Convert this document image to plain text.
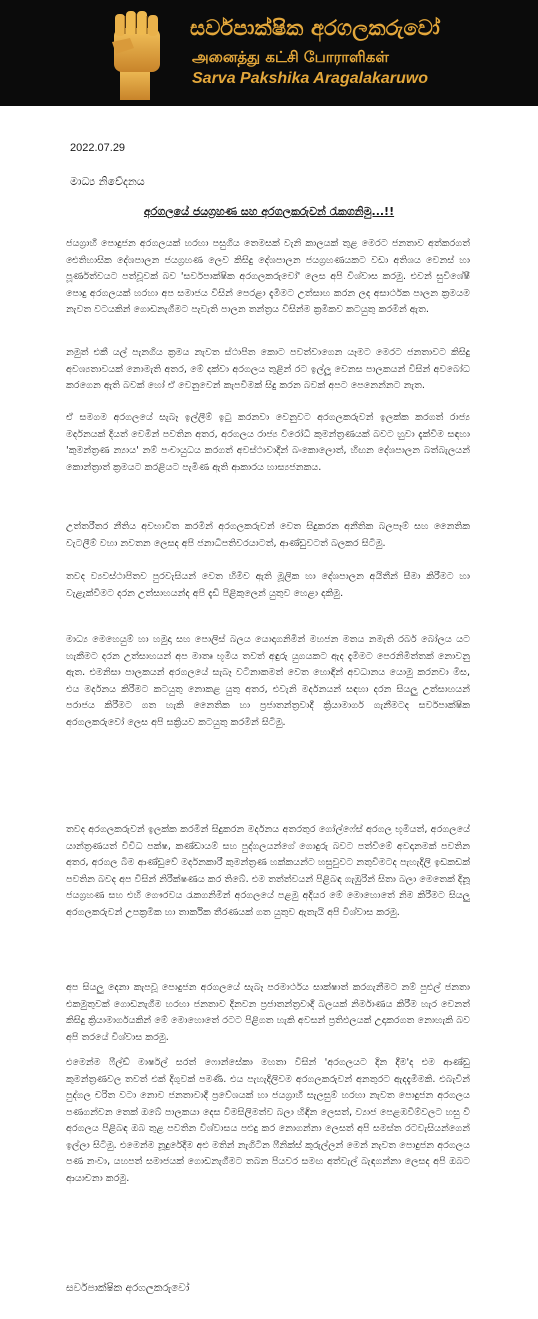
සර්වපාක්ෂික අරගලකරුවෝ
அனைத்து கட்சி போராளிகள்
Sarva Pakshika Aragalakaruwo
2022.07.29
මාධ්‍ය නිවේදනය
අරගලයේ ජයග්‍රහණ සහ අරගලකරුවන් රැකගනිමු...!!

ජයග්‍රාහී පොදුජන අරගලයක් හරහා පසුගිය තෙමසක් වැනි කාලයක් තුළ මෙරට ජනතාව අත්කරගත් ඓතිහාසික දේශපාලන ජයග්‍රහණ ලෙව කිසිදු දේශපාලන ජයග්‍රහණයකට වඩා අතිශය වෙනස් හා පූර්ණත්වයට පත්වූවක් බව 'සර්වපාක්ෂික අරගලකරුවෝ' ලෙස අපි විශ්වාස කරමු. එවන් සුවිශේෂී පොදු අරගලයක් හරහා අප සමාජය විසින් පෙරළා දැමීමට උත්සාහ කරන ලද අසාර්ථක පාලන ක්‍රමයම නැවත වටයකින් ගොඩනැගීමට පැවැති පාලන තන්ත්‍රය විසින්ම ක්‍රමිකව කටයුතු කරමින් ඇත.

නමුත් එකී යල් පැනගිය ක්‍රමය නැවත ස්ථාපිත කොට පවත්වාගෙන යෑමට මෙරට ජනතාවට කිසිදු අවශ්‍යතාවයක් නොමැති අතර, මේ දක්වා අරගලය තුළින් රට ඉල්ලූ වෙනස පාලකයන් විසින් අවබෝධ කරගෙන ඇති බවක් හෝ ඒ වෙනුවෙන් කැපවීමක් සිදු කරන බවක් අපට පෙනෙන්නට නැත.

ඒ සමගම අරගලයේ සැබෑ ඉල්ලීම් ඉටු කරනවා වෙනුවට අරගලකරුවන් ඉලක්ක කරගත් රාජ්‍ය මර්දනයක් දියත් වෙමින් පවතින අතර, අරගලය රාජ්‍ය විරෝධී කුමන්ත්‍රණයක් බවට හුවා දැක්වීම සඳහා 'කුමන්ත්‍රණ න්‍යාය' නම් පංචායුධය කරගත් අවස්ථාවාදීන් බංකොලොත්, හිඟන දේශපාලන බත්බැලයන් කොන්ත්‍රාත් ක්‍රමයට කරළියට පැමිණ ඇති ආකාරය හාස්‍යජනකය.

උත්තරීතර නීතිය අවභාවිත කරමින් අරගලකරුවන් වෙත සිදුකරන අනීතික බලපෑම් සහ නෛතික වැටලීම් වහා නවතන ලෙසද අපි ජනාධිපතිවරයාටත්, ආණ්ඩුවටත් බලකර සිටිමු.

තවද ව්‍යවස්ථාපිතව පුරවැසියන් වෙත හිමිව ඇති මූලික හා දේශපාලන අයිතීන් සීමා කිරීමට හා වැළැක්වීමට දරන උත්සාහයන්ද අපි දැඩි පිළිකුලෙන් යුතුව හෙළා දකිමු.

මාධ්‍ය මෙහෙයුම් හා හමුදා සහ පොලිස් බලය යොදාගනිමින් මහජන මතය නමැති රබර් බෝලය යට හැකීමට දරන උත්සාහයන් අප මාතෘ භූමිය තවත් අඳුරු යුගයකට ඇද දැමීමට පෙරනිමිත්තක් නොවනු ඇත. එමනිසා පාලකයන් අරගලයේ සැබෑ වටිනාකමත් වෙත හොඳින් අවධානය යොමු කරනවා මිස, එය මර්දනය කිරීමට කටයුතු නොකළ යුතු අතර, එවැනි මර්දනයන් සඳහා දරන සියලු උත්සාහයන් පරාජය කිරීමට ගත හැකි නෛතික හා ප්‍රජාතන්ත්‍රවාදී ක්‍රියාමාර්ග ගැනීමටද සර්වපාක්ෂික අරගලකරුවෝ ලෙස අපි සක්‍රියව කටයුතු කරමින් සිටිමු.

තවද අරගලකරුවන් ඉලක්ක කරමින් සිදුකරන මර්දනය අතරතුර ගෝල්ෆේස් අරගල භූමියත්, අරගලයේ යාන්ත්‍රණයත් විවිධ පක්ෂ, කණ්ඩායම් සහ පුද්ගලයන්ගේ ගොදුරු බවට පත්වීමේ අවදානමක් පවතින අතර, අරගල බිම ආණ්ඩුවේ මර්දනකාරී කුමන්ත්‍රණ හක්කයන්ට හසුවුවට නතුවීමටද පැහැදිලි ඉඩකඩක් පවතින බවද අප විසින් නිරීක්ෂණය කර තිබේ. එම තත්ත්වයන් පිළිබඳ ගැඹුරින් සිතා බලා මෙතෙක් දිනූ ජයග්‍රහණ සහ එහි ගෞරවය රැකගනිමින් අරගලයේ පළමු අදියර මේ මොහොතේ නිම කිරීමට සියලු අරගලකරුවන් උපක්‍රමික හා තාර්කික තීරණයක් ගත යුතුව ඇතැයි අපි විශ්වාස කරමු.

අප සියලු දෙනා කැපවූ පොදුජන අරගලයේ සැබෑ පරමාර්ථය සාක්ෂාත් කරගැනීමට නම් පුළුල් ජනතා එකමුතුවක් ගොඩනැගීම හරහා ජනතාව දිනවන ප්‍රජාතන්ත්‍රවාදී බලයක් නිර්මාණය කිරීම හැර වෙනත් කිසිදු ක්‍රියාමාර්ගයකින් මේ මොහොතේ රටට පිළිගත හැකි අවසන් ප්‍රතිඵලයක් උදාකරගත නොහැකි බව අපි තරයේ විශ්වාස කරමු.

එමෙන්ම ෆීල්ඩ් මාර්ෂල් සරත් ෆොන්සේකා මහතා විසින් 'අරගලයට දින දීම'ද එම ආණ්ඩු කුමන්ත්‍රණවල තවත් එක් දිගුවක් පමණි. එය පැහැදිලිවම අරගලකරුවන් අනතුරට ඇදදැමීමකි. එබැවින් පුද්ගල චරිත වටා නොව ජනතාවාදී ප්‍රවේශයක් හා ජයග්‍රාහී සැලසුම් හරහා නැවත පොදුජන අරගලය පණගන්වන තෙක් ඔබේ පාලකයා දෙස විමසිලිමත්ව බලා හිඳින ලෙසත්, ව්‍යාජ පෙළඹවීම්වලට හසු වී අරගලය පිළිබඳ ඔබ තුළ පවතින විශ්වාසය පළුදු කර නොගන්නා ලෙසත් අපි සමස්ත රටවැසියන්ගෙන් ඉල්ලා සිටිමු. එමෙන්ම නූදුරේදීම අළු මතින් නැගිටින ෆීනික්ස් කුරුල්ලන් මෙන් නැවත පොදුජන අරගලය පණ නංවා, යහපත් සමාජයක් ගොඩනැගීමට තබන පියවර සමඟ අත්වැල් බැඳගන්නා ලෙසද අපි ඔබට ආයාචනා කරමු.

සර්වපාක්ෂික අරගලකරුවෝ
